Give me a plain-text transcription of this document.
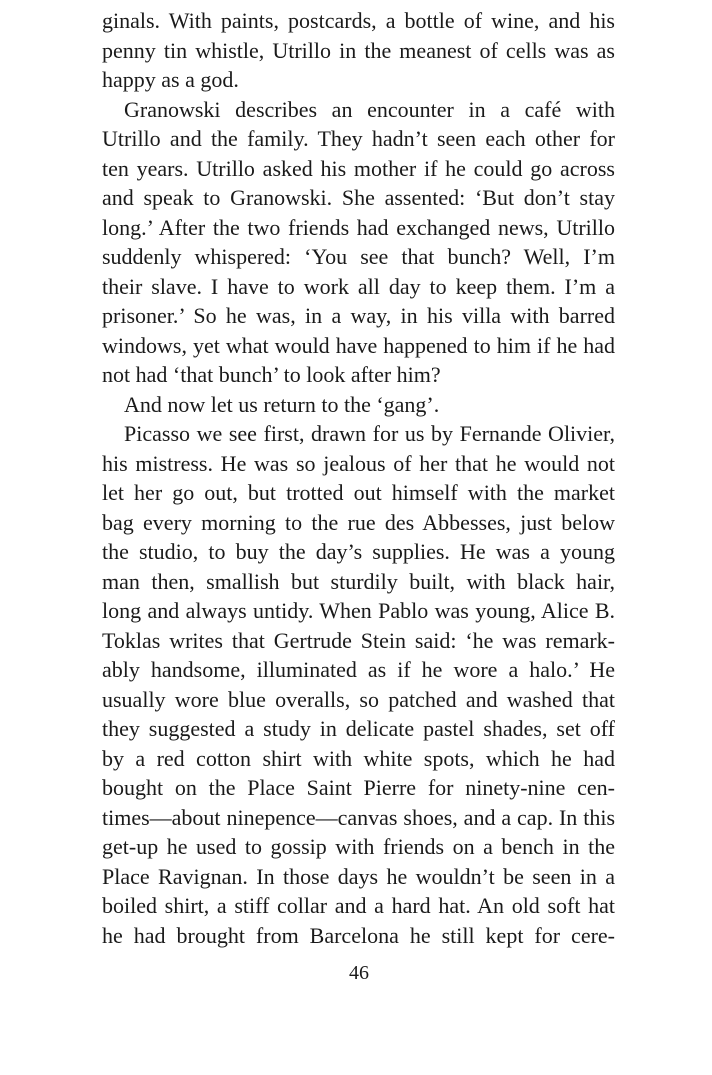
ginals. With paints, postcards, a bottle of wine, and his
penny tin whistle, Utrillo in the meanest of cells was as
happy as a god.
Granowski describes an encounter in a café with
Utrillo and the family. They hadn’t seen each other for
ten years. Utrillo asked his mother if he could go across
and speak to Granowski. She assented: ‘But don’t stay
long.’ After the two friends had exchanged news, Utrillo
suddenly whispered: ‘You see that bunch? Well, I’m
their slave. I have to work all day to keep them. I’m a
prisoner.’ So he was, in a way, in his villa with barred
windows, yet what would have happened to him if he had
not had ‘that bunch’ to look after him?
And now let us return to the ‘gang’.
Picasso we see first, drawn for us by Fernande Olivier,
his mistress. He was so jealous of her that he would not
let her go out, but trotted out himself with the market
bag every morning to the rue des Abbesses, just below
the studio, to buy the day’s supplies. He was a young
man then, smallish but sturdily built, with black hair,
long and always untidy. When Pablo was young, Alice B.
Toklas writes that Gertrude Stein said: ‘he was remark-
ably handsome, illuminated as if he wore a halo.’ He
usually wore blue overalls, so patched and washed that
they suggested a study in delicate pastel shades, set off
by a red cotton shirt with white spots, which he had
bought on the Place Saint Pierre for ninety-nine cen-
times—about ninepence—canvas shoes, and a cap. In this
get-up he used to gossip with friends on a bench in the
Place Ravignan. In those days he wouldn’t be seen in a
boiled shirt, a stiff collar and a hard hat. An old soft hat
he had brought from Barcelona he still kept for cere-
46
